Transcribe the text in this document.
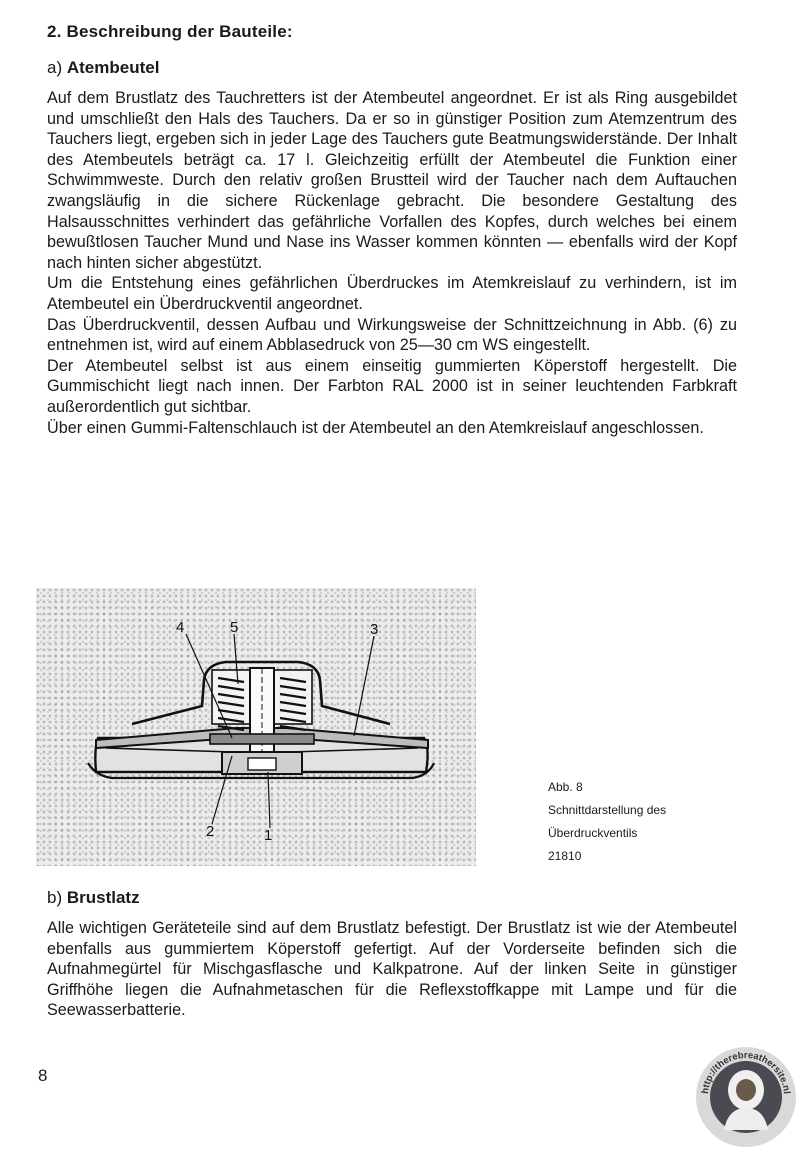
2. Beschreibung der Bauteile:
a) Atembeutel

Auf dem Brustlatz des Tauchretters ist der Atembeutel angeordnet. Er ist als Ring ausgebildet und umschließt den Hals des Tauchers. Da er so in günstiger Position zum Atemzentrum des Tauchers liegt, ergeben sich in jeder Lage des Tauchers gute Beatmungswiderstände. Der Inhalt des Atembeutels beträgt ca. 17 l. Gleichzeitig erfüllt der Atembeutel die Funktion einer Schwimmweste. Durch den relativ großen Brustteil wird der Taucher nach dem Auftauchen zwangsläufig in die sichere Rückenlage gebracht. Die besondere Gestaltung des Halsausschnittes verhindert das gefährliche Vorfallen des Kopfes, durch welches bei einem bewußtlosen Taucher Mund und Nase ins Wasser kommen könnten — ebenfalls wird der Kopf nach hinten sicher abgestützt.

Um die Entstehung eines gefährlichen Überdruckes im Atemkreislauf zu verhindern, ist im Atembeutel ein Überdruckventil angeordnet.

Das Überdruckventil, dessen Aufbau und Wirkungsweise der Schnittzeichnung in Abb. (6) zu entnehmen ist, wird auf einem Abblasedruck von 25—30 cm WS eingestellt.

Der Atembeutel selbst ist aus einem einseitig gummierten Köperstoff hergestellt. Die Gummischicht liegt nach innen. Der Farbton RAL 2000 ist in seiner leuchtenden Farbkraft außerordentlich gut sichtbar.

Über einen Gummi-Faltenschlauch ist der Atembeutel an den Atemkreislauf angeschlossen.

4	5	3
2	1
Abb. 8
Schnittdarstellung des
Überdruckventils
21810
b) Brustlatz

Alle wichtigen Geräteteile sind auf dem Brustlatz befestigt. Der Brustlatz ist wie der Atembeutel ebenfalls aus gummiertem Köperstoff gefertigt. Auf der Vorderseite befinden sich die Aufnahmegürtel für Mischgasflasche und Kalkpatrone. Auf der linken Seite in günstiger Griffhöhe liegen die Aufnahmetaschen für die Reflexstoffkappe mit Lampe und für die Seewasserbatterie.

8
http://therebreathersite.nl
